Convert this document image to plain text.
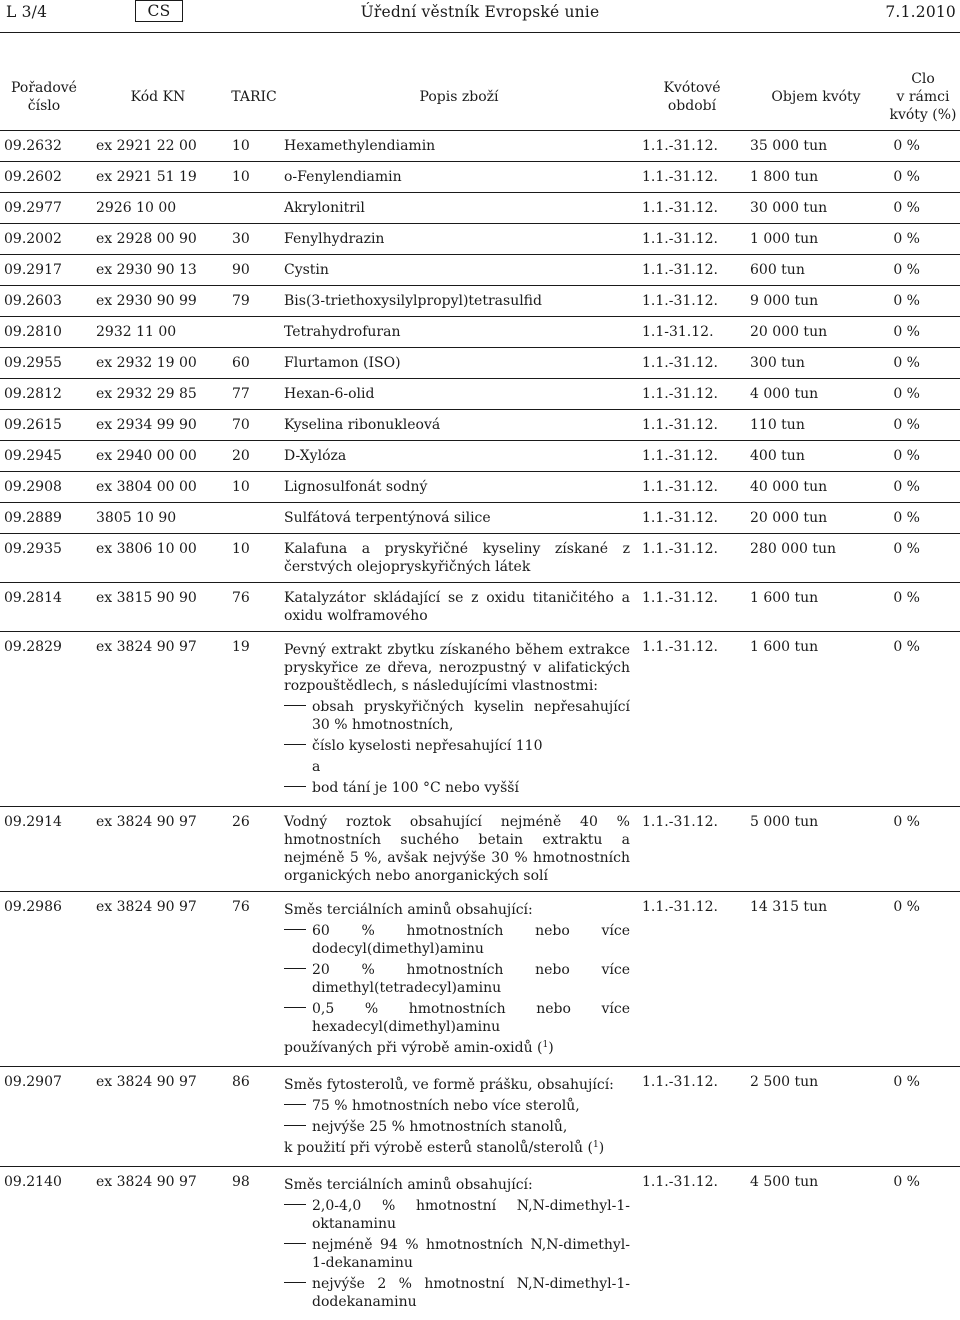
L 3/4	Úřední věstník Evropské unie
CS	7.1.2010
Pořadové
číslo	Kód KN	TARIC	Popis zboží	Kvótové období	Objem kvóty	Clo
v rámci
kvóty (%)
09.2632	ex 2921 22 00	10	Hexamethylendiamin	1.1.-31.12.	35 000 tun	0 %
09.2602	ex 2921 51 19	10	o-Fenylendiamin	1.1.-31.12.	1 800 tun	0 %
09.2977	2926 10 00		Akrylonitril	1.1.-31.12.	30 000 tun	0 %
09.2002	ex 2928 00 90	30	Fenylhydrazin	1.1.-31.12.	1 000 tun	0 %
09.2917	ex 2930 90 13	90	Cystin	1.1.-31.12.	600 tun	0 %
09.2603	ex 2930 90 99	79	Bis(3-triethoxysilylpropyl)tetrasulfid	1.1.-31.12.	9 000 tun	0 %
09.2810	2932 11 00		Tetrahydrofuran	1.1-31.12.	20 000 tun	0 %
09.2955	ex 2932 19 00	60	Flurtamon (ISO)	1.1.-31.12.	300 tun	0 %
09.2812	ex 2932 29 85	77	Hexan-6-olid	1.1.-31.12.	4 000 tun	0 %
09.2615	ex 2934 99 90	70	Kyselina ribonukleová	1.1.-31.12.	110 tun	0 %
09.2945	ex 2940 00 00	20	D-Xylóza	1.1.-31.12.	400 tun	0 %
09.2908	ex 3804 00 00	10	Lignosulfonát sodný	1.1.-31.12.	40 000 tun	0 %
09.2889	3805 10 90		Sulfátová terpentýnová silice	1.1.-31.12.	20 000 tun	0 %
09.2935	ex 3806 10 00	10	Kalafuna a pryskyřičné kyseliny získané z čerstvých olejopryskyřičných látek	1.1.-31.12.	280 000 tun	0 %
09.2814	ex 3815 90 90	76	Katalyzátor skládající se z oxidu titaničitého a oxidu wolframového	1.1.-31.12.	1 600 tun	0 %
09.2829	ex 3824 90 97	19	Pevný extrakt zbytku získaného během extrakce pryskyřice ze dřeva, nerozpustný v alifatických rozpouštědlech, s následujícími vlastnostmi:
obsah pryskyřičných kyselin nepřesahující 30 % hmotnostních,
číslo kyselosti nepřesahující 110
a
bod tání je 100 °C nebo vyšší	1.1.-31.12.	1 600 tun	0 %
09.2914	ex 3824 90 97	26	Vodný roztok obsahující nejméně 40 % hmotnostních suchého betain extraktu a nejméně 5 %, avšak nejvýše 30 % hmotnostních organických nebo anorganických solí	1.1.-31.12.	5 000 tun	0 %
09.2986	ex 3824 90 97	76	Směs terciálních aminů obsahující:
60 % hmotnostních nebo více dodecyl(dimethyl)aminu
20 % hmotnostních nebo více dimethyl(tetradecyl)aminu
0,5 % hmotnostních nebo více hexadecyl(dimethyl)aminu
používaných při výrobě amin-oxidů ($^1$)	1.1.-31.12.	14 315 tun	0 %
09.2907	ex 3824 90 97	86	Směs fytosterolů, ve formě prášku, obsahující:
75 % hmotnostních nebo více sterolů,
nejvýše 25 % hmotnostních stanolů,
k použití při výrobě esterů stanolů/sterolů ($^1$)	1.1.-31.12.	2 500 tun	0 %
09.2140	ex 3824 90 97	98	Směs terciálních aminů obsahující:
2,0-4,0 % hmotnostní N,N-dimethyl-1-oktanaminu
nejméně 94 % hmotnostních N,N-dimethyl-1-dekanaminu
nejvýše 2 % hmotnostní N,N-dimethyl-1-dodekanaminu	1.1.-31.12.	4 500 tun	0 %
